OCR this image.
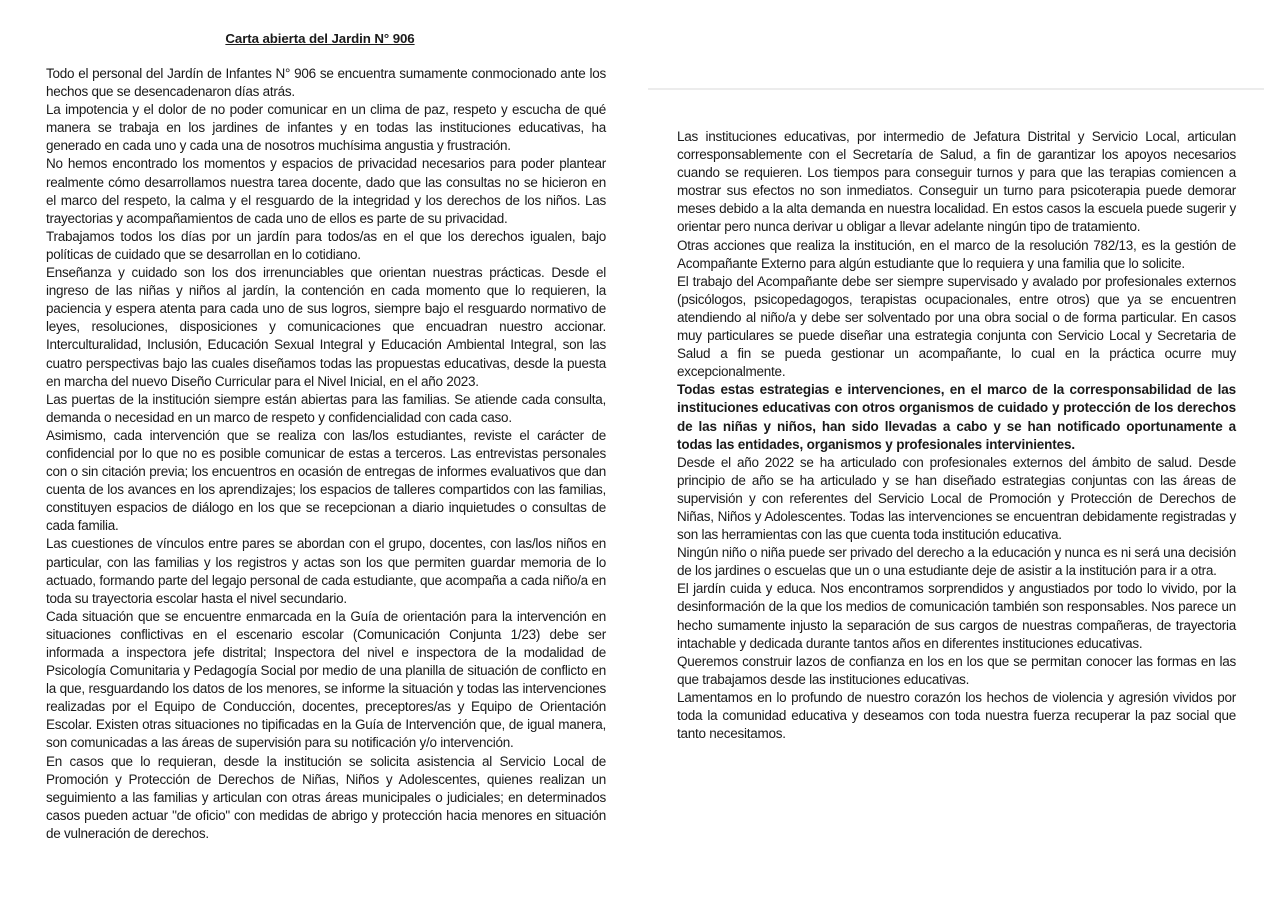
Carta abierta del Jardin N° 906

Todo el personal del Jardín de Infantes N° 906 se encuentra sumamente conmocionado ante los hechos que se desencadenaron días atrás.

La impotencia y el dolor de no poder comunicar en un clima de paz, respeto y escucha de qué manera se trabaja en los jardines de infantes y en todas las instituciones educativas, ha generado en cada uno y cada una de nosotros muchísima angustia y frustración.

No hemos encontrado los momentos y espacios de privacidad necesarios para poder plantear realmente cómo desarrollamos nuestra tarea docente, dado que las consultas no se hicieron en el marco del respeto, la calma y el resguardo de la integridad y los derechos de los niños. Las trayectorias y acompañamientos de cada uno de ellos es parte de su privacidad.

Trabajamos todos los días por un jardín para todos/as en el que los derechos igualen, bajo políticas de cuidado que se desarrollan en lo cotidiano.

Enseñanza y cuidado son los dos irrenunciables que orientan nuestras prácticas. Desde el ingreso de las niñas y niños al jardín, la contención en cada momento que lo requieren, la paciencia y espera atenta para cada uno de sus logros, siempre bajo el resguardo normativo de leyes, resoluciones, disposiciones y comunicaciones que encuadran nuestro accionar. Interculturalidad, Inclusión, Educación Sexual Integral y Educación Ambiental Integral, son las cuatro perspectivas bajo las cuales diseñamos todas las propuestas educativas, desde la puesta en marcha del nuevo Diseño Curricular para el Nivel Inicial, en el año 2023.

Las puertas de la institución siempre están abiertas para las familias. Se atiende cada consulta, demanda o necesidad en un marco de respeto y confidencialidad con cada caso.

Asimismo, cada intervención que se realiza con las/los estudiantes, reviste el carácter de confidencial por lo que no es posible comunicar de estas a terceros. Las entrevistas personales con o sin citación previa; los encuentros en ocasión de entregas de informes evaluativos que dan cuenta de los avances en los aprendizajes; los espacios de talleres compartidos con las familias, constituyen espacios de diálogo en los que se recepcionan a diario inquietudes o consultas de cada familia.

Las cuestiones de vínculos entre pares se abordan con el grupo, docentes, con las/los niños en particular, con las familias y los registros y actas son los que permiten guardar memoria de lo actuado, formando parte del legajo personal de cada estudiante, que acompaña a cada niño/a en toda su trayectoria escolar hasta el nivel secundario.

Cada situación que se encuentre enmarcada en la Guía de orientación para la intervención en situaciones conflictivas en el escenario escolar (Comunicación Conjunta 1/23) debe ser informada a inspectora jefe distrital; Inspectora del nivel e inspectora de la modalidad de Psicología Comunitaria y Pedagogía Social por medio de una planilla de situación de conflicto en la que, resguardando los datos de los menores, se informe la situación y todas las intervenciones realizadas por el Equipo de Conducción, docentes, preceptores/as y Equipo de Orientación Escolar. Existen otras situaciones no tipificadas en la Guía de Intervención que, de igual manera, son comunicadas a las áreas de supervisión para su notificación y/o intervención.

En casos que lo requieran, desde la institución se solicita asistencia al Servicio Local de Promoción y Protección de Derechos de Niñas, Niños y Adolescentes, quienes realizan un seguimiento a las familias y articulan con otras áreas municipales o judiciales; en determinados casos pueden actuar "de oficio" con medidas de abrigo y protección hacia menores en situación de vulneración de derechos.

Las instituciones educativas, por intermedio de Jefatura Distrital y Servicio Local, articulan corresponsablemente con el Secretaría de Salud, a fin de garantizar los apoyos necesarios cuando se requieren. Los tiempos para conseguir turnos y para que las terapias comiencen a mostrar sus efectos no son inmediatos. Conseguir un turno para psicoterapia puede demorar meses debido a la alta demanda en nuestra localidad. En estos casos la escuela puede sugerir y orientar pero nunca derivar u obligar a llevar adelante ningún tipo de tratamiento.

Otras acciones que realiza la institución, en el marco de la resolución 782/13, es la gestión de Acompañante Externo para algún estudiante que lo requiera y una familia que lo solicite.

El trabajo del Acompañante debe ser siempre supervisado y avalado por profesionales externos (psicólogos, psicopedagogos, terapistas ocupacionales, entre otros) que ya se encuentren atendiendo al niño/a y debe ser solventado por una obra social o de forma particular. En casos muy particulares se puede diseñar una estrategia conjunta con Servicio Local y Secretaria de Salud a fin se pueda gestionar un acompañante, lo cual en la práctica ocurre muy excepcionalmente.

Todas estas estrategias e intervenciones, en el marco de la corresponsabilidad de las instituciones educativas con otros organismos de cuidado y protección de los derechos de las niñas y niños, han sido llevadas a cabo y se han notificado oportunamente a todas las entidades, organismos y profesionales intervinientes.

Desde el año 2022 se ha articulado con profesionales externos del ámbito de salud. Desde principio de año se ha articulado y se han diseñado estrategias conjuntas con las áreas de supervisión y con referentes del Servicio Local de Promoción y Protección de Derechos de Niñas, Niños y Adolescentes. Todas las intervenciones se encuentran debidamente registradas y son las herramientas con las que cuenta toda institución educativa.

Ningún niño o niña puede ser privado del derecho a la educación y nunca es ni será una decisión de los jardines o escuelas que un o una estudiante deje de asistir a la institución para ir a otra.

El jardín cuida y educa. Nos encontramos sorprendidos y angustiados por todo lo vivido, por la desinformación de la que los medios de comunicación también son responsables. Nos parece un hecho sumamente injusto la separación de sus cargos de nuestras compañeras, de trayectoria intachable y dedicada durante tantos años en diferentes instituciones educativas.

Queremos construir lazos de confianza en los en los que se permitan conocer las formas en las que trabajamos desde las instituciones educativas.

Lamentamos en lo profundo de nuestro corazón los hechos de violencia y agresión vividos por toda la comunidad educativa y deseamos con toda nuestra fuerza recuperar la paz social que tanto necesitamos.
